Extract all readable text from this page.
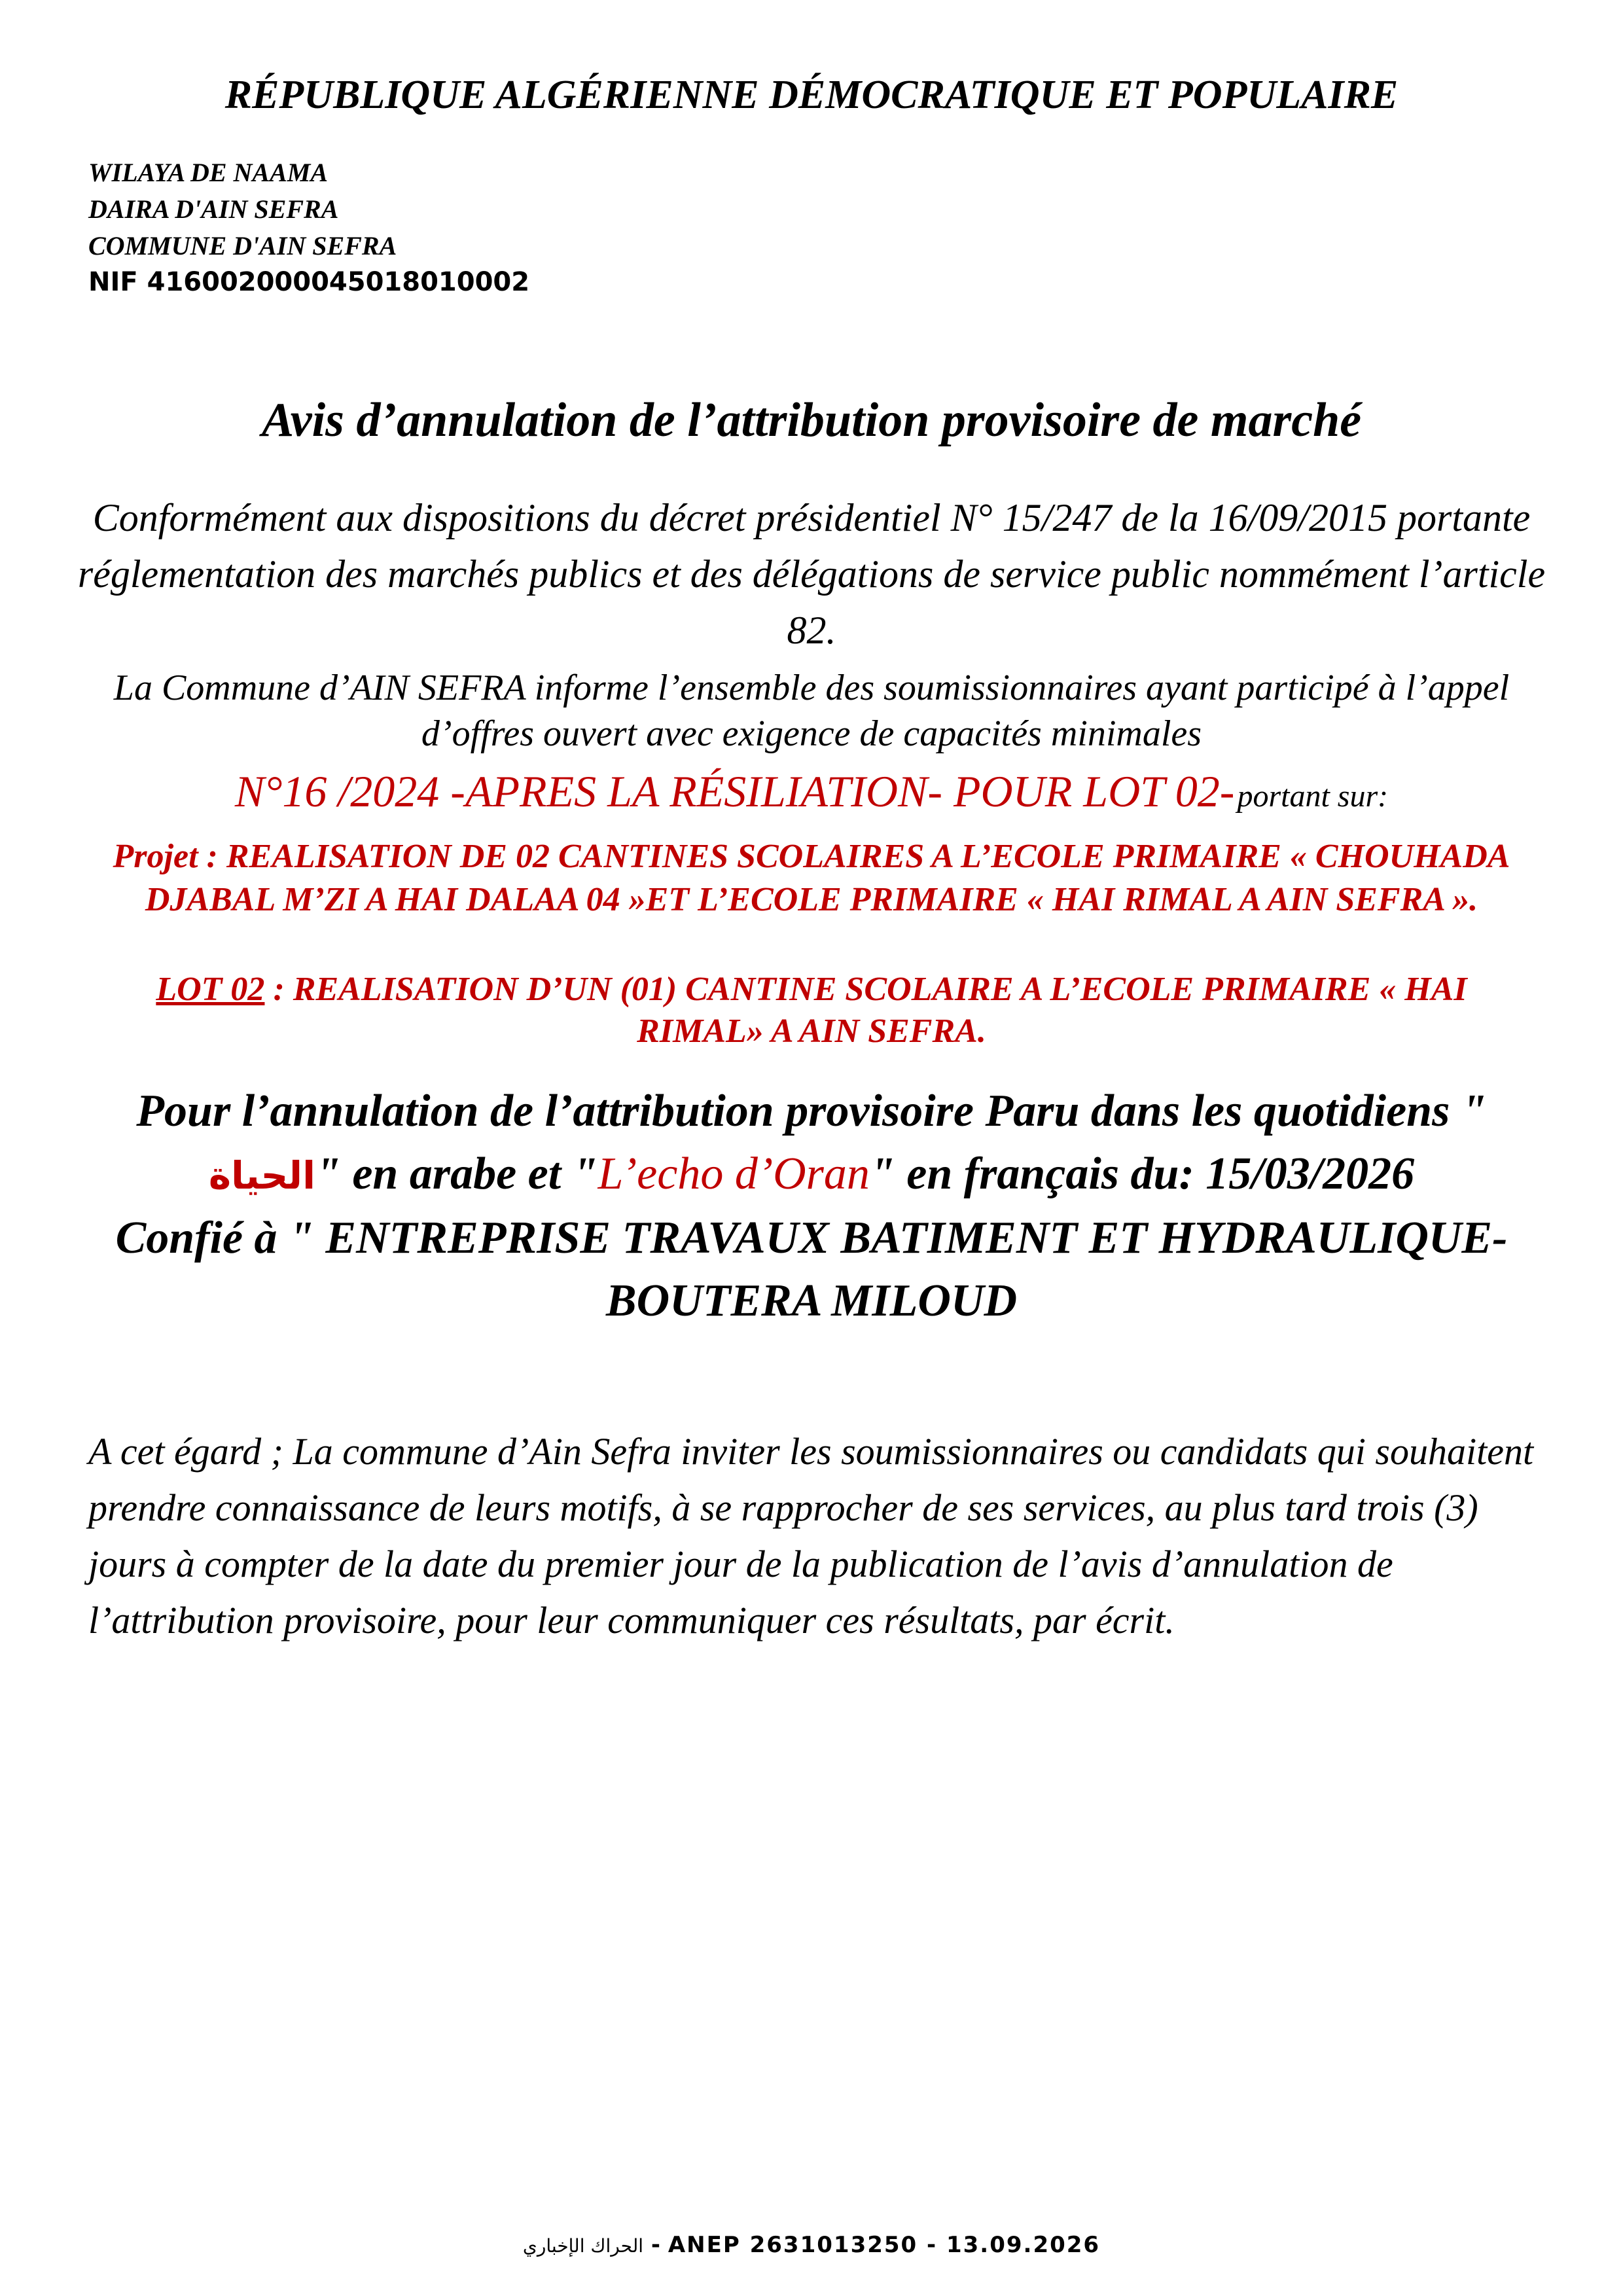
RÉPUBLIQUE ALGÉRIENNE DÉMOCRATIQUE ET POPULAIRE
WILAYA DE NAAMA
DAIRA D'AIN SEFRA
COMMUNE D'AIN SEFRA
NIF 416002000045018010002
Avis d’annulation de l’attribution provisoire de marché
Conformément aux dispositions du décret présidentiel N° 15/247 de la 16/09/2015 portante réglementation des marchés publics et des délégations de service public nommément l’article 82.
La Commune d’AIN SEFRA informe l’ensemble des soumissionnaires ayant participé à l’appel d’offres ouvert avec exigence de capacités minimales
N°16 /2024 -APRES LA RÉSILIATION- POUR LOT 02- portant sur:
Projet : REALISATION DE 02 CANTINES SCOLAIRES A L’ECOLE PRIMAIRE « CHOUHADA DJABAL M’ZI A HAI DALAA 04 »ET L’ECOLE PRIMAIRE « HAI RIMAL A AIN SEFRA ».
LOT 02 : REALISATION D’UN (01) CANTINE SCOLAIRE A L’ECOLE PRIMAIRE « HAI RIMAL» A AIN SEFRA.
Pour l’annulation de l’attribution provisoire Paru dans les quotidiens " الحياة" en arabe et "L’echo d’Oran" en français du: 15/03/2026
Confié à " ENTREPRISE TRAVAUX BATIMENT ET HYDRAULIQUE-BOUTERA MILOUD
A cet égard ; La commune d’Ain Sefra inviter les soumissionnaires ou candidats qui souhaitent prendre connaissance de leurs motifs, à se rapprocher de ses services, au plus tard trois (3) jours à compter de la date du premier jour de la publication de l’avis d’annulation de l’attribution provisoire, pour leur communiquer ces résultats, par écrit.
الحراك الإخباري - ANEP 2631013250 - 13.09.2026
